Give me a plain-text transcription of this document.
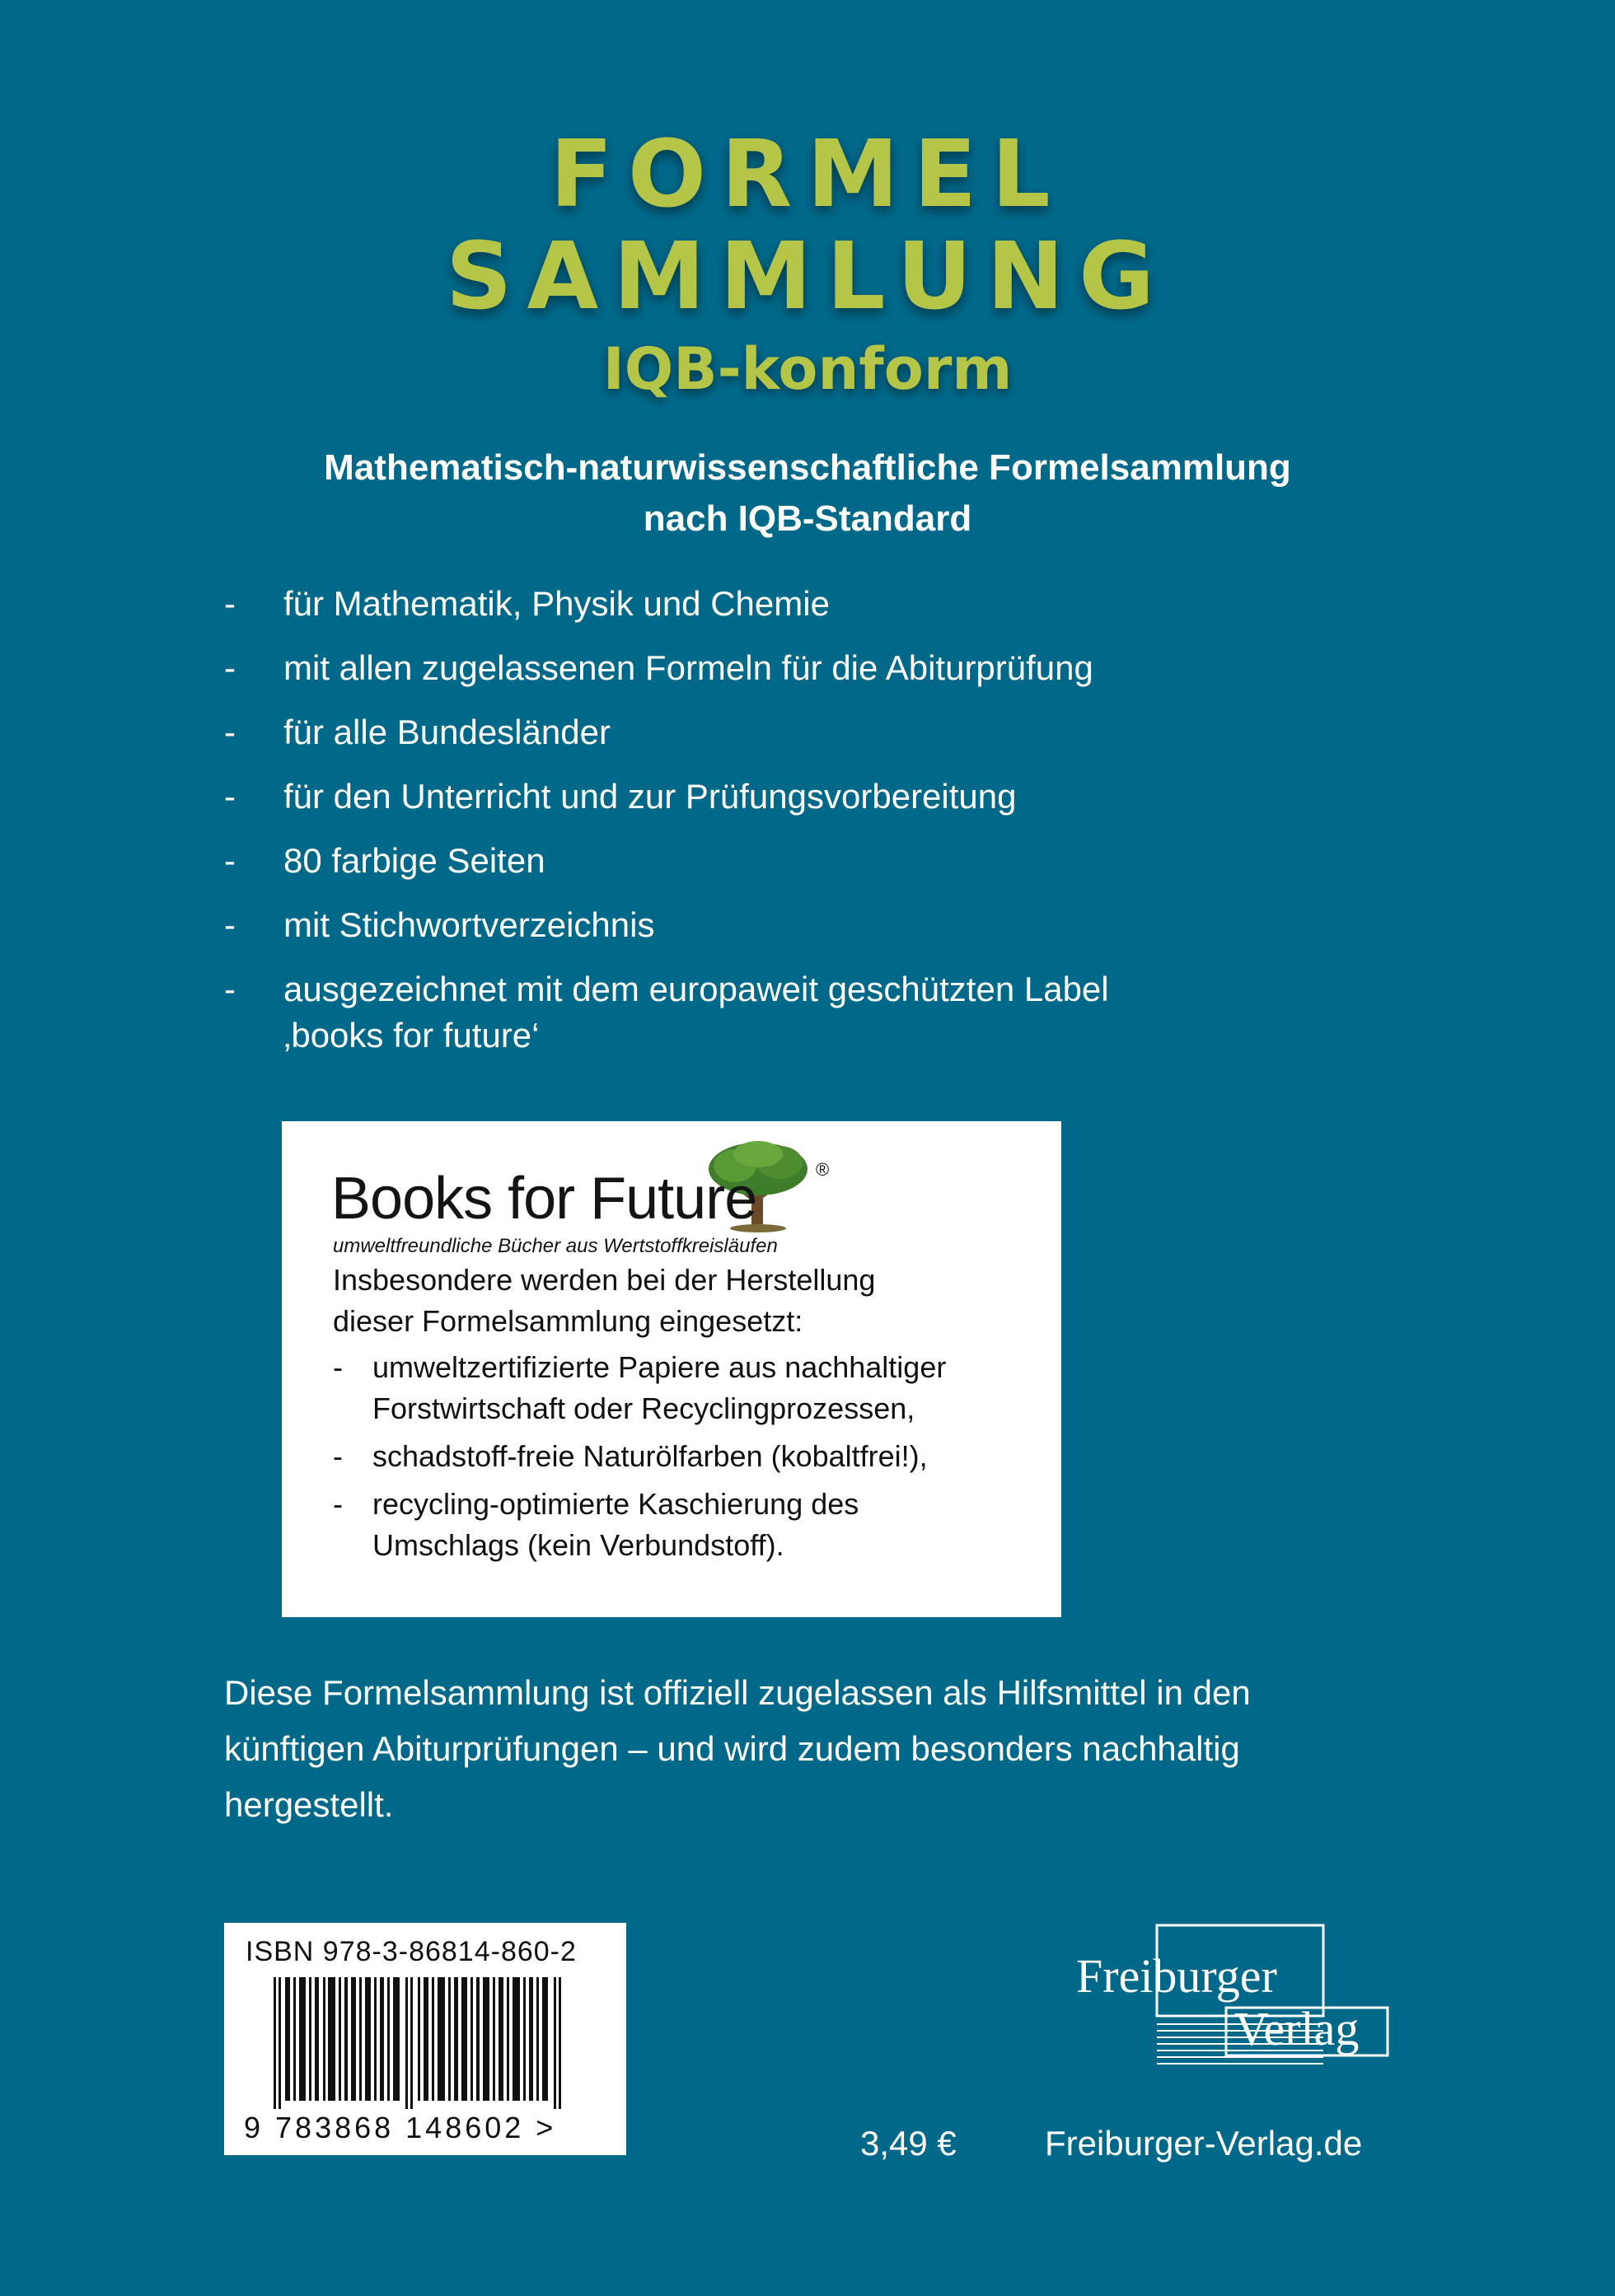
FORMEL
SAMMLUNG
IQB-konform
Mathematisch-naturwissenschaftliche Formelsammlung
nach IQB-Standard
- für Mathematik, Physik und Chemie
- mit allen zugelassenen Formeln für die Abiturprüfung
- für alle Bundesländer
- für den Unterricht und zur Prüfungsvorbereitung
- 80 farbige Seiten
- mit Stichwortverzeichnis
- ausgezeichnet mit dem europaweit geschützten Label
‚books for future‘
Books for Future	®
umweltfreundliche Bücher aus Wertstoffkreisläufen

Insbesondere werden bei der Herstellung

dieser Formelsammlung eingesetzt:

- umweltzertifizierte Papiere aus nachhaltiger
Forstwirtschaft oder Recyclingprozessen,
- schadstoff-freie Naturölfarben (kobaltfrei!),
- recycling-optimierte Kaschierung des
Umschlags (kein Verbundstoff).
Diese Formelsammlung ist offiziell zugelassen als Hilfsmittel in den
künftigen Abiturprüfungen – und wird zudem besonders nachhaltig
hergestellt.
ISBN 978-3-86814-860-2
9 783868 148602 >
Freiburger
Verlag
3,49 €	Freiburger-Verlag.de
